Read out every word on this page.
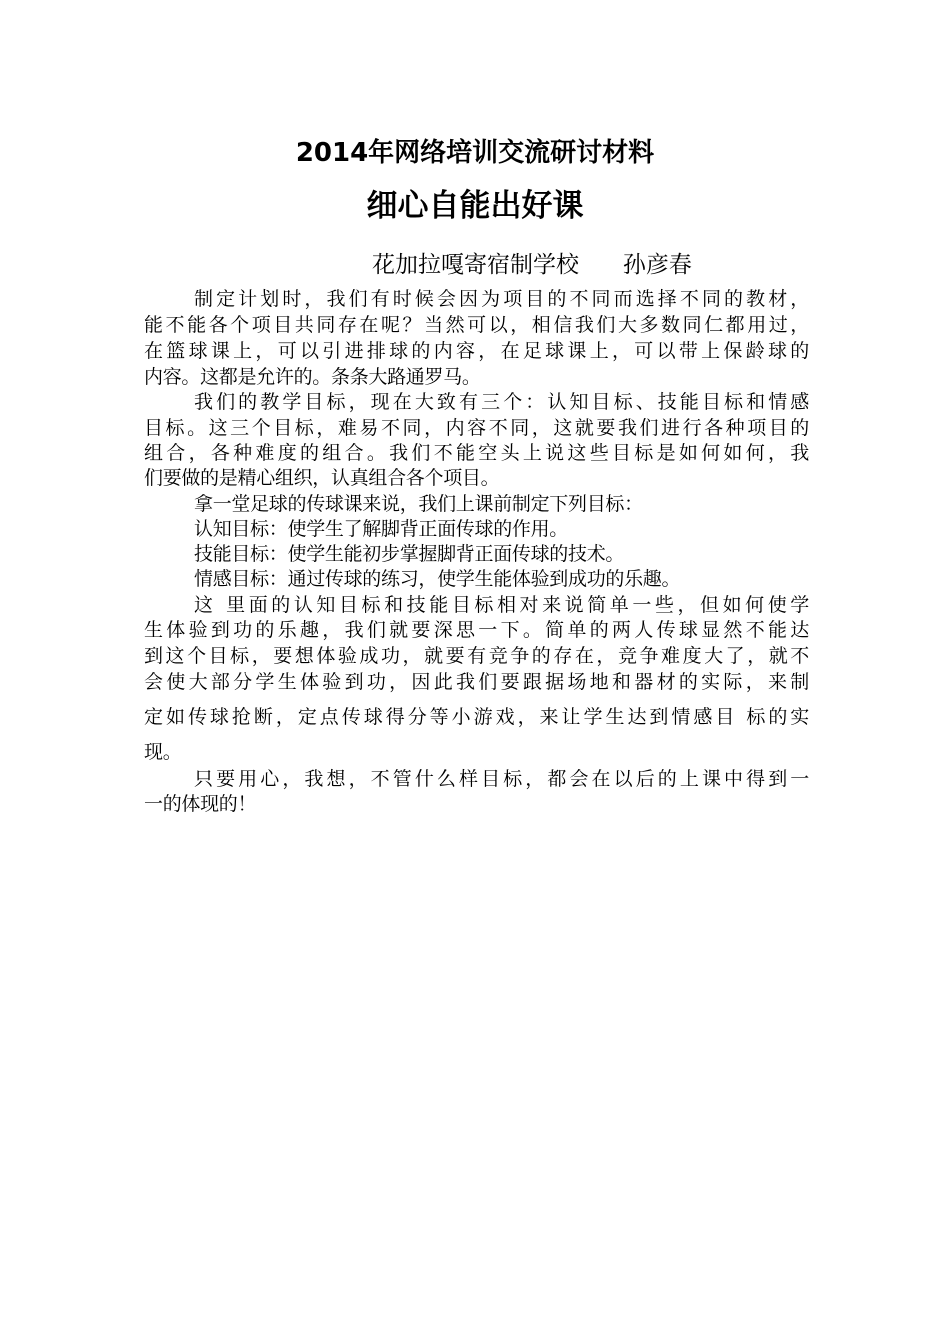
2014年网络培训交流研讨材料
细心自能出好课
花加拉嘎寄宿制学校      孙彦春
制定计划时，我们有时候会因为项目的不同而选择不同的教材，
能不能各个项目共同存在呢？当然可以，相信我们大多数同仁都用过，
在篮球课上，可以引进排球的内容，在足球课上，可以带上保龄球的
内容。这都是允许的。条条大路通罗马。
我们的教学目标，现在大致有三个：认知目标、技能目标和情感
目标。这三个目标，难易不同，内容不同，这就要我们进行各种项目的
组合，各种难度的组合。我们不能空头上说这些目标是如何如何，我
们要做的是精心组织，认真组合各个项目。
拿一堂足球的传球课来说，我们上课前制定下列目标：
认知目标：使学生了解脚背正面传球的作用。
技能目标：使学生能初步掌握脚背正面传球的技术。
情感目标：通过传球的练习，使学生能体验到成功的乐趣。
这 里面的认知目标和技能目标相对来说简单一些，但如何使学
生体验到功的乐趣，我们就要深思一下。简单的两人传球显然不能达
到这个目标，要想体验成功，就要有竞争的存在，竞争难度大了，就不
会使大部分学生体验到功，因此我们要跟据场地和器材的实际，来制
定如传球抢断，定点传球得分等小游戏，来让学生达到情感目 标的实
现。
只要用心，我想，不管什么样目标，都会在以后的上课中得到一
一的体现的！
